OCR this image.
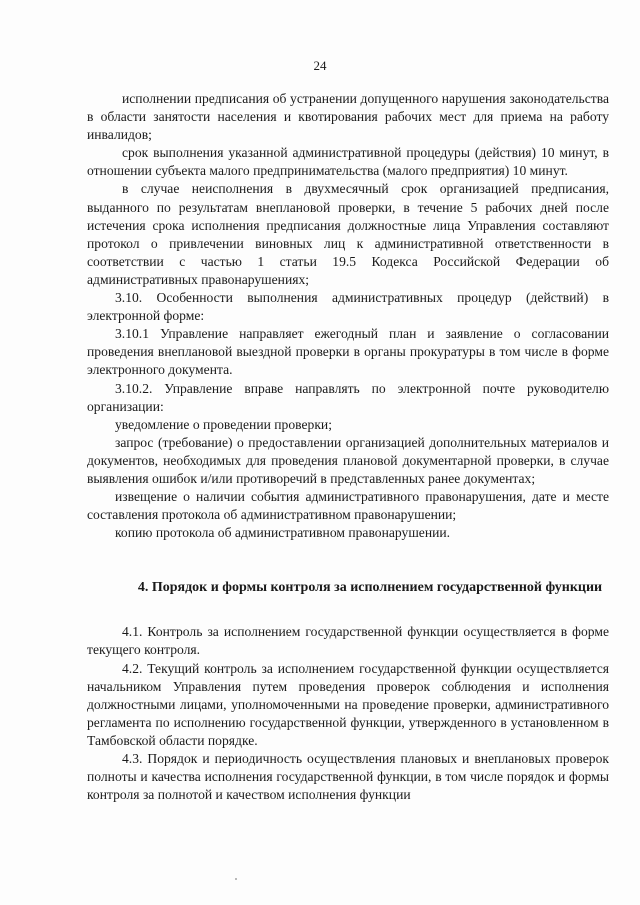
24

исполнении предписания об устранении допущенного нарушения законодательства в области занятости населения и квотирования рабочих мест для приема на работу инвалидов;

срок выполнения указанной административной процедуры (действия) 10 минут, в отношении субъекта малого предпринимательства (малого предприятия) 10 минут.

в случае неисполнения в двухмесячный срок организацией предписания, выданного по результатам внеплановой проверки, в течение 5 рабочих дней после истечения срока исполнения предписания должностные лица Управления составляют протокол о привлечении виновных лиц к административной ответственности в соответствии с частью 1 статьи 19.5 Кодекса Российской Федерации об административных правонарушениях;

3.10. Особенности выполнения административных процедур (действий) в электронной форме:

3.10.1 Управление направляет ежегодный план и заявление о согласовании проведения внеплановой выездной проверки в органы прокуратуры в том числе в форме электронного документа.

3.10.2. Управление вправе направлять по электронной почте руководителю организации:

уведомление о проведении проверки;

запрос (требование) о предоставлении организацией дополнительных материалов и документов, необходимых для проведения плановой документарной проверки, в случае выявления ошибок и/или противоречий в представленных ранее документах;

извещение о наличии события административного правонарушения, дате и месте составления протокола об административном правонарушении;

копию протокола об административном правонарушении.

4. Порядок и формы контроля за исполнением государственной функции

4.1. Контроль за исполнением государственной функции осуществляется в форме текущего контроля.

4.2. Текущий контроль за исполнением государственной функции осуществляется начальником Управления путем проведения проверок соблюдения и исполнения должностными лицами, уполномоченными на проведение проверки, административного регламента по исполнению государственной функции, утвержденного в установленном в Тамбовской области порядке.

4.3. Порядок и периодичность осуществления плановых и внеплановых проверок полноты и качества исполнения государственной функции, в том числе порядок и формы контроля за полнотой и качеством исполнения функции
